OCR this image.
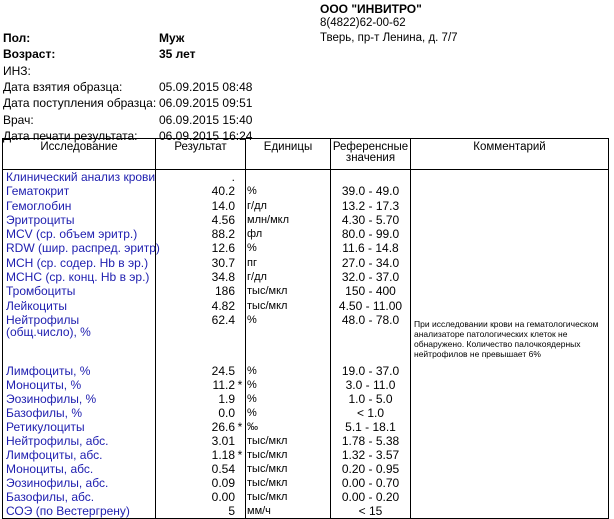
ООО "ИНВИТРО"
8(4822)62-00-62
Тверь, пр-т Ленина, д. 7/7
Пол:	Муж
Возраст:	35 лет
ИНЗ:
Дата взятия образца:	05.09.2015 08:48
Дата поступления образца: 06.09.2015 09:51
Врач:	06.09.2015 15:40
Дата печати результата: 06.09.2015 16:24
Исследование	Результат	Единицы	Референсные значения	Комментарий
Клинический анализ крови	.			
Гематокрит	40.2	%	39.0 - 49.0	
Гемоглобин	14.0	г/дл	13.2 - 17.3	
Эритроциты	4.56	млн/мкл	4.30 - 5.70	
MCV (ср. объем эритр.)	88.2	фл	80.0 - 99.0	
RDW (шир. распред. эритр)	12.6	%	11.6 - 14.8	
MCH (ср. содер. Hb в эр.)	30.7	пг	27.0 - 34.0	
MCHC (ср. конц. Hb в эр.)	34.8	г/дл	32.0 - 37.0	
Тромбоциты	186	тыс/мкл	150 - 400	
Лейкоциты	4.82	тыс/мкл	4.50 - 11.00	
Нейтрофилы (общ.число), %	62.4	%	48.0 - 78.0	При исследовании крови на гематологическом анализаторе патологических клеток не обнаружено. Количество палочкоядерных нейтрофилов не превышает 6%
Лимфоциты, %	24.5	%	19.0 - 37.0	
Моноциты, %	11.2 *	%	3.0 - 11.0	
Эозинофилы, %	1.9	%	1.0 - 5.0	
Базофилы, %	0.0	%	< 1.0	
Ретикулоциты	26.6 *	‰	5.1 - 18.1	
Нейтрофилы, абс.	3.01	тыс/мкл	1.78 - 5.38	
Лимфоциты, абс.	1.18 *	тыс/мкл	1.32 - 3.57	
Моноциты, абс.	0.54	тыс/мкл	0.20 - 0.95	
Эозинофилы, абс.	0.09	тыс/мкл	0.00 - 0.70	
Базофилы, абс.	0.00	тыс/мкл	0.00 - 0.20	
СОЭ (по Вестергрену)	5	мм/ч	< 15	
